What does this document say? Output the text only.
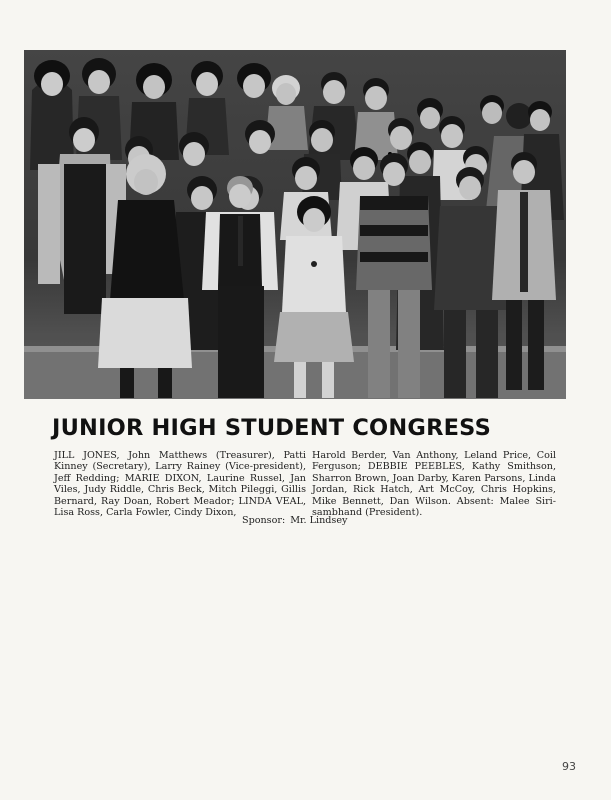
JUNIOR HIGH STUDENT CONGRESS
JILL JONES, John Matthews (Treasurer), Patti Kinney (Secretary), Larry Rainey (Vice-president), Jeff Redding; MARIE DIXON, Laurine Russel, Jan Viles, Judy Riddle, Chris Beck, Mitch Pileggi, Gillis Bernard, Ray Doan, Robert Meador; LINDA VEAL, Lisa Ross, Carla Fowler, Cindy Dixon,
Harold Berder, Van Anthony, Leland Price, Coil Ferguson; DEBBIE PEEBLES, Kathy Smithson, Sharron Brown, Joan Darby, Karen Parsons, Linda Jordan, Rick Hatch, Art McCoy, Chris Hopkins, Mike Bennett, Dan Wilson. Absent: Malee Siri-sambhand (President).
Sponsor: Mr. Lindsey
93
